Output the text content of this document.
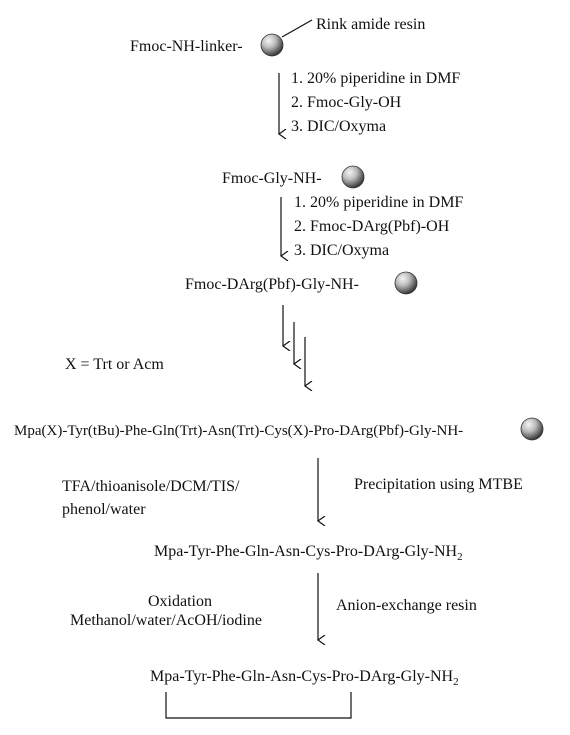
Rink amide resin
Fmoc-NH-linker-
1. 20% piperidine in DMF
2. Fmoc-Gly-OH
3. DIC/Oxyma
Fmoc-Gly-NH-
1. 20% piperidine in DMF
2. Fmoc-DArg(Pbf)-OH
3. DIC/Oxyma
Fmoc-DArg(Pbf)-Gly-NH-
X = Trt or Acm
Mpa(X)-Tyr(tBu)-Phe-Gln(Trt)-Asn(Trt)-Cys(X)-Pro-DArg(Pbf)-Gly-NH-
TFA/thioanisole/DCM/TIS/
phenol/water
Precipitation using MTBE
Mpa-$Tyr-Phe-Gln-Asn-Cys-Pro-DArg-Gly-NH_2$
Oxidation
Methanol/water/AcOH/iodine
Anion-exchange resin
Mpa-$Tyr-Phe-Gln-Asn-Cys-Pro-DArg-Gly-NH_2$
